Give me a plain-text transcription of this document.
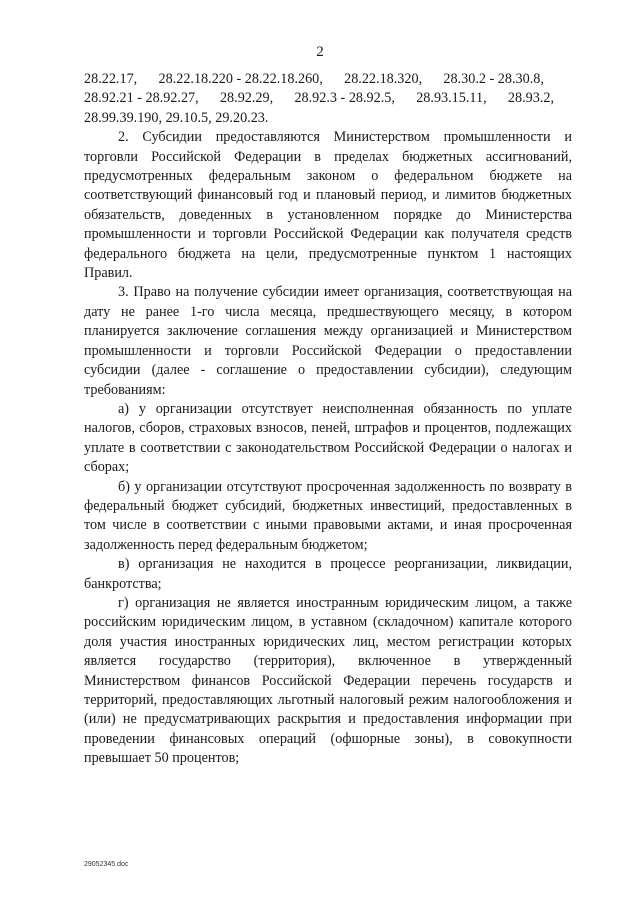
2

28.22.17,      28.22.18.220 - 28.22.18.260,      28.22.18.320,      28.30.2 - 28.30.8,
28.92.21 - 28.92.27,      28.92.29,      28.92.3 - 28.92.5,      28.93.15.11,      28.93.2,
28.99.39.190, 29.10.5, 29.20.23.

2. Субсидии предоставляются Министерством промышленности и торговли Российской Федерации в пределах бюджетных ассигнований, предусмотренных федеральным законом о федеральном бюджете на соответствующий финансовый год и плановый период, и лимитов бюджетных обязательств, доведенных в установленном порядке до Министерства промышленности и торговли Российской Федерации как получателя средств федерального бюджета на цели, предусмотренные пунктом 1 настоящих Правил.

3. Право на получение субсидии имеет организация, соответствующая на дату не ранее 1-го числа месяца, предшествующего месяцу, в котором планируется заключение соглашения между организацией и Министерством промышленности и торговли Российской Федерации о предоставлении субсидии (далее - соглашение о предоставлении субсидии), следующим требованиям:

а) у организации отсутствует неисполненная обязанность по уплате налогов, сборов, страховых взносов, пеней, штрафов и процентов, подлежащих уплате в соответствии с законодательством Российской Федерации о налогах и сборах;

б) у организации отсутствуют просроченная задолженность по возврату в федеральный бюджет субсидий, бюджетных инвестиций, предоставленных в том числе в соответствии с иными правовыми актами, и иная просроченная задолженность перед федеральным бюджетом;

в) организация не находится в процессе реорганизации, ликвидации, банкротства;

г) организация не является иностранным юридическим лицом, а также российским юридическим лицом, в уставном (складочном) капитале которого доля участия иностранных юридических лиц, местом регистрации которых является государство (территория), включенное в утвержденный Министерством финансов Российской Федерации перечень государств и территорий, предоставляющих льготный налоговый режим налогообложения и (или) не предусматривающих раскрытия и предоставления информации при проведении финансовых операций (офшорные зоны), в совокупности превышает 50 процентов;

29052345.doc
